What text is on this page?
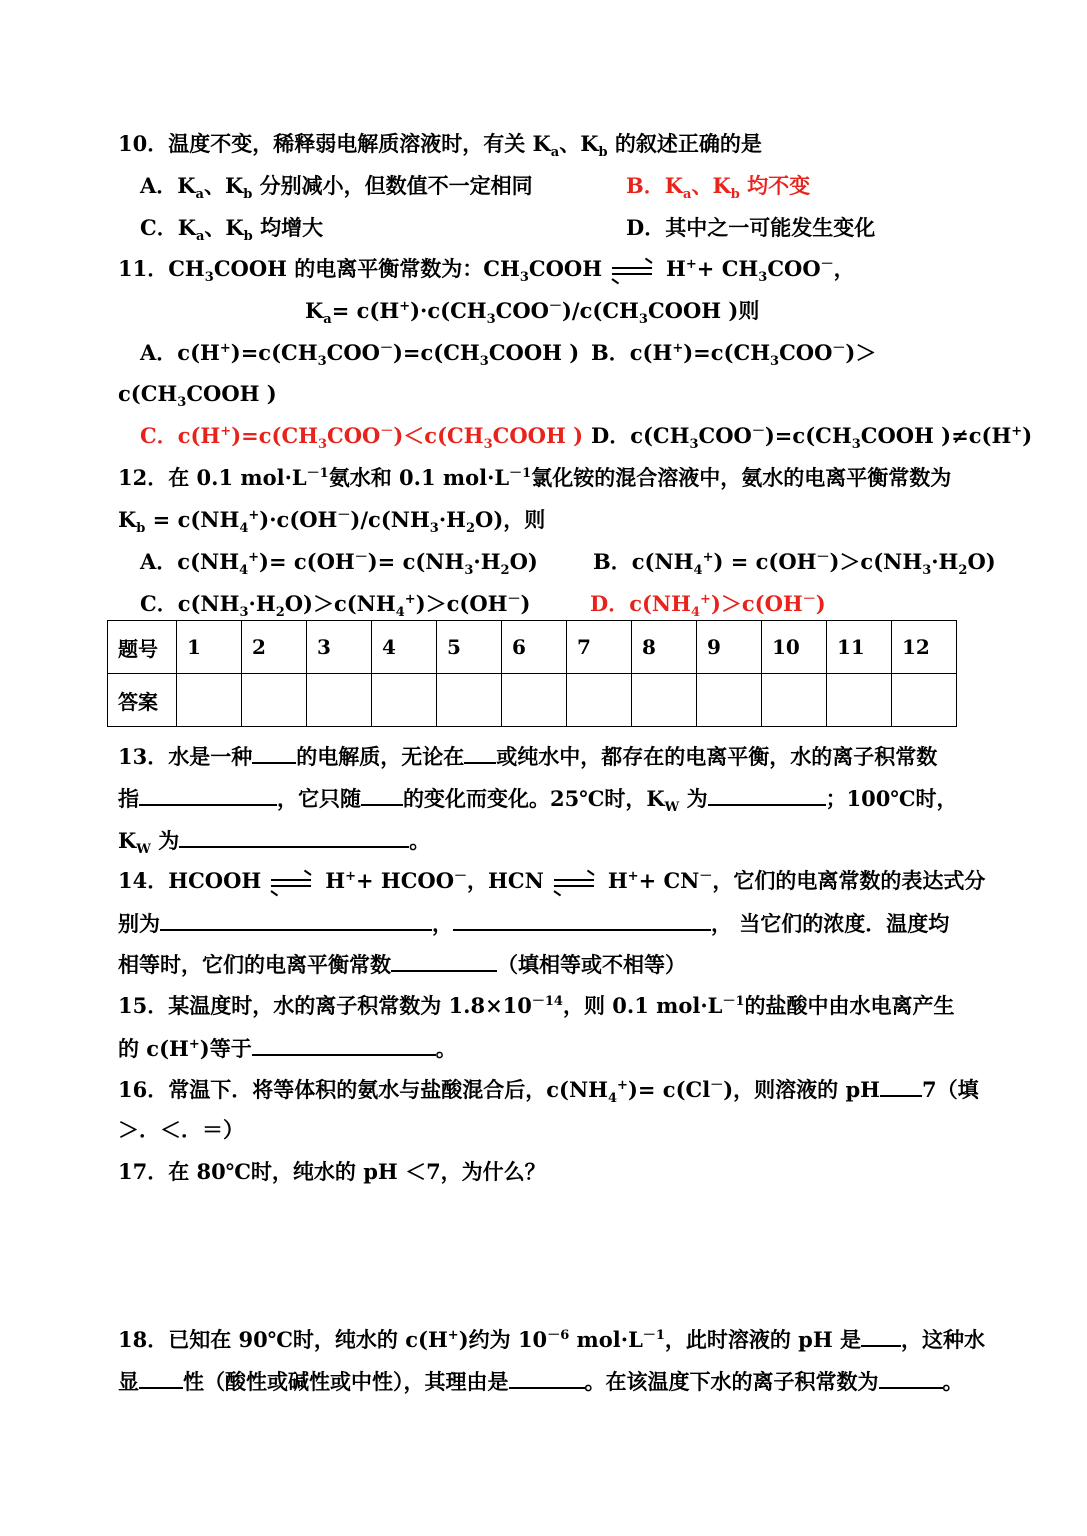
10．温度不变，稀释弱电解质溶液时，有关 $K_a$、$K_b$ 的叙述正确的是
A．$K_a$、$K_b$ 分别减小，但数值不一定相同	B．$K_a$、$K_b$ 均不变
C．$K_a$、$K_b$ 均增大	D．其中之一可能发生变化
11．$CH_3COOH$ 的电离平衡常数为：$CH_3COOH$	$H^++ CH_3COO^-$，
$K_a=$ $c(H^+)\cdot c(CH_3COO^-)/c(CH_3COOH$ )则
A．$c(H^+)=c(CH_3COO^-)=c(CH_3COOH$ ) B．$c(H^+)=c(CH_3COO^-)>$
$c(CH_3COOH$ )
C．$c(H^+)=c(CH_3COO^-)<c(CH_3COOH$ ) D．$c(CH_3COO^-)=c(CH_3COOH$ )≠c(H+)
12．在 0.1 $mol\cdot L^{-1}$氨水和 0.1 $mol\cdot L^{-1}$氯化铵的混合溶液中，氨水的电离平衡常数为
$K_b = c(NH_4^+)\cdot c(OH^-)/c(NH_3\cdot H_2O)$，则
A．$c(NH_4^+)= c(OH^-)= c(NH_3\cdot H_2O)$	B．$c(NH_4^+) = c(OH^-)>c(NH_3\cdot H_2O)$
C．$c(NH_3\cdot H_2O)>c(NH_4^+)>c(OH^-)$	D．$c(NH_4^+)>c(OH^-)$
题号	1	2	3	4	5	6	7	8	9	10	11	12
答案												
13．水是一种 的电解质，无论在 或纯水中，都存在的电离平衡，水的离子积常数
指	，它只随 的变化而变化。25℃时，$K_W$ 为	；100℃时，
$K_W$ 为	。
14．HCOOH	H++ HCOO－，HCN	H++ CN－，它们的电离常数的表达式分
别为	，	， 当它们的浓度．温度均
相等时，它们的电离平衡常数	（填相等或不相等）
15．某温度时，水的离子积常数为 $1.8\times 10^{-14}$，则 0.1 $mol\cdot L^{-1}$的盐酸中由水电离产生
的 c(H+)等于	。
16．常温下．将等体积的氨水与盐酸混合后，$c(NH_4^+)= c(Cl^-)$，则溶液的 pH 7（填
＞．＜．＝）
17．在 80℃时，纯水的 pH ＜7，为什么？
18．已知在 90℃时，纯水的 c(H+)约为 $10^{-6}$ $mol\cdot L^{-1}$，此时溶液的 pH 是 ，这种水
显 性（酸性或碱性或中性），其理由是	。在该温度下水的离子积常数为	。
